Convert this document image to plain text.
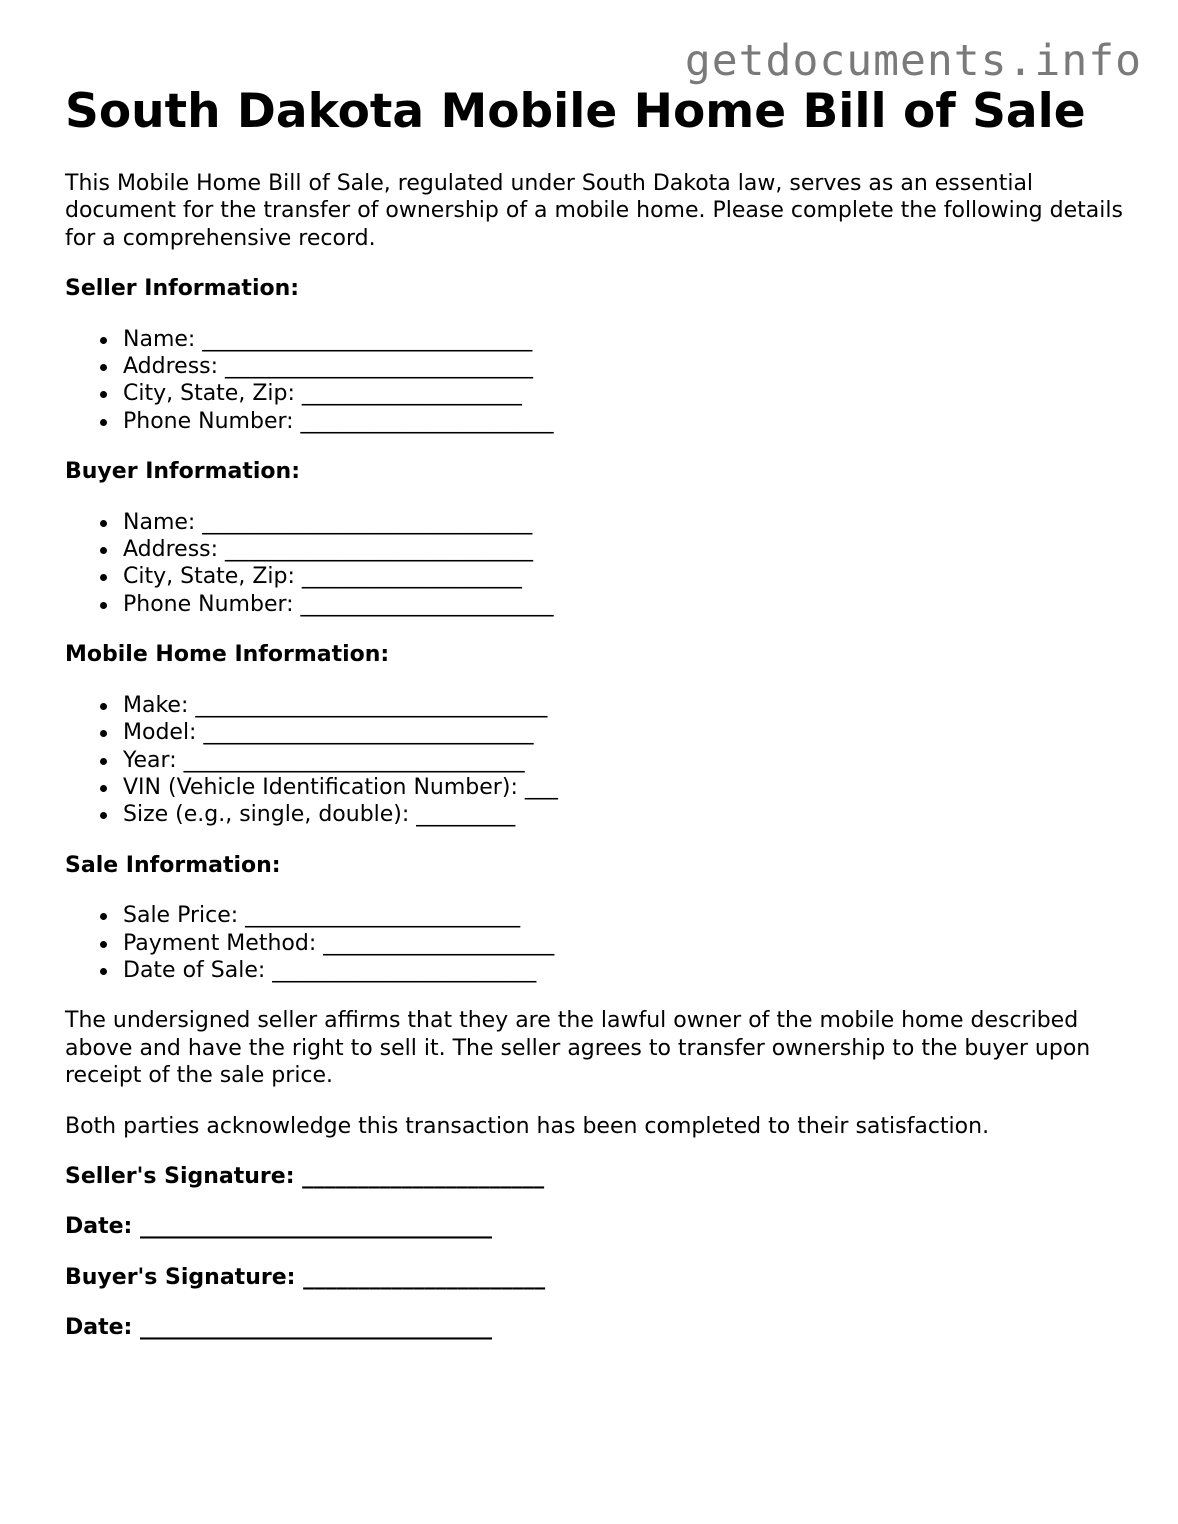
getdocuments.info
South Dakota Mobile Home Bill of Sale

This Mobile Home Bill of Sale, regulated under South Dakota law, serves as an essential document for the transfer of ownership of a mobile home. Please complete the following details for a comprehensive record.

Seller Information:
Name: ______________________________
Address: ____________________________
City, State, Zip: ____________________
Phone Number: _______________________
Buyer Information:
Name: ______________________________
Address: ____________________________
City, State, Zip: ____________________
Phone Number: _______________________
Mobile Home Information:
Make: ________________________________
Model: ______________________________
Year: _______________________________
VIN (Vehicle Identification Number): ___
Size (e.g., single, double): _________
Sale Information:
Sale Price: _________________________
Payment Method: _____________________
Date of Sale: ________________________

The undersigned seller affirms that they are the lawful owner of the mobile home described above and have the right to sell it. The seller agrees to transfer ownership to the buyer upon receipt of the sale price.

Both parties acknowledge this transaction has been completed to their satisfaction.

Seller's Signature: ______________________
Date: ________________________________
Buyer's Signature: ______________________
Date: ________________________________
